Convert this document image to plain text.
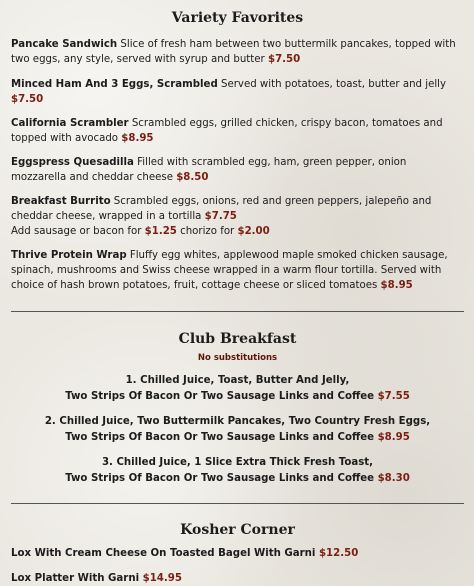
Variety Favorites

Pancake Sandwich Slice of fresh ham between two buttermilk pancakes, topped with two eggs, any style, served with syrup and butter $7.50

Minced Ham And 3 Eggs, Scrambled Served with potatoes, toast, butter and jelly $7.50

California Scrambler Scrambled eggs, grilled chicken, crispy bacon, tomatoes and topped with avocado $8.95

Eggspress Quesadilla Filled with scrambled egg, ham, green pepper, onion mozzarella and cheddar cheese $8.50

Breakfast Burrito Scrambled eggs, onions, red and green peppers, jalepeño and cheddar cheese, wrapped in a tortilla $7.75
Add sausage or bacon for $1.25 chorizo for $2.00

Thrive Protein Wrap Fluffy egg whites, applewood maple smoked chicken sausage, spinach, mushrooms and Swiss cheese wrapped in a warm flour tortilla. Served with choice of hash brown potatoes, fruit, cottage cheese or sliced tomatoes $8.95

Club Breakfast

No substitutions

1. Chilled Juice, Toast, Butter And Jelly,
Two Strips Of Bacon Or Two Sausage Links and Coffee $7.55

2. Chilled Juice, Two Buttermilk Pancakes, Two Country Fresh Eggs,
Two Strips Of Bacon Or Two Sausage Links and Coffee $8.95

3. Chilled Juice, 1 Slice Extra Thick Fresh Toast,
Two Strips Of Bacon Or Two Sausage Links and Coffee $8.30

Kosher Corner

Lox With Cream Cheese On Toasted Bagel With Garni $12.50

Lox Platter With Garni $14.95
